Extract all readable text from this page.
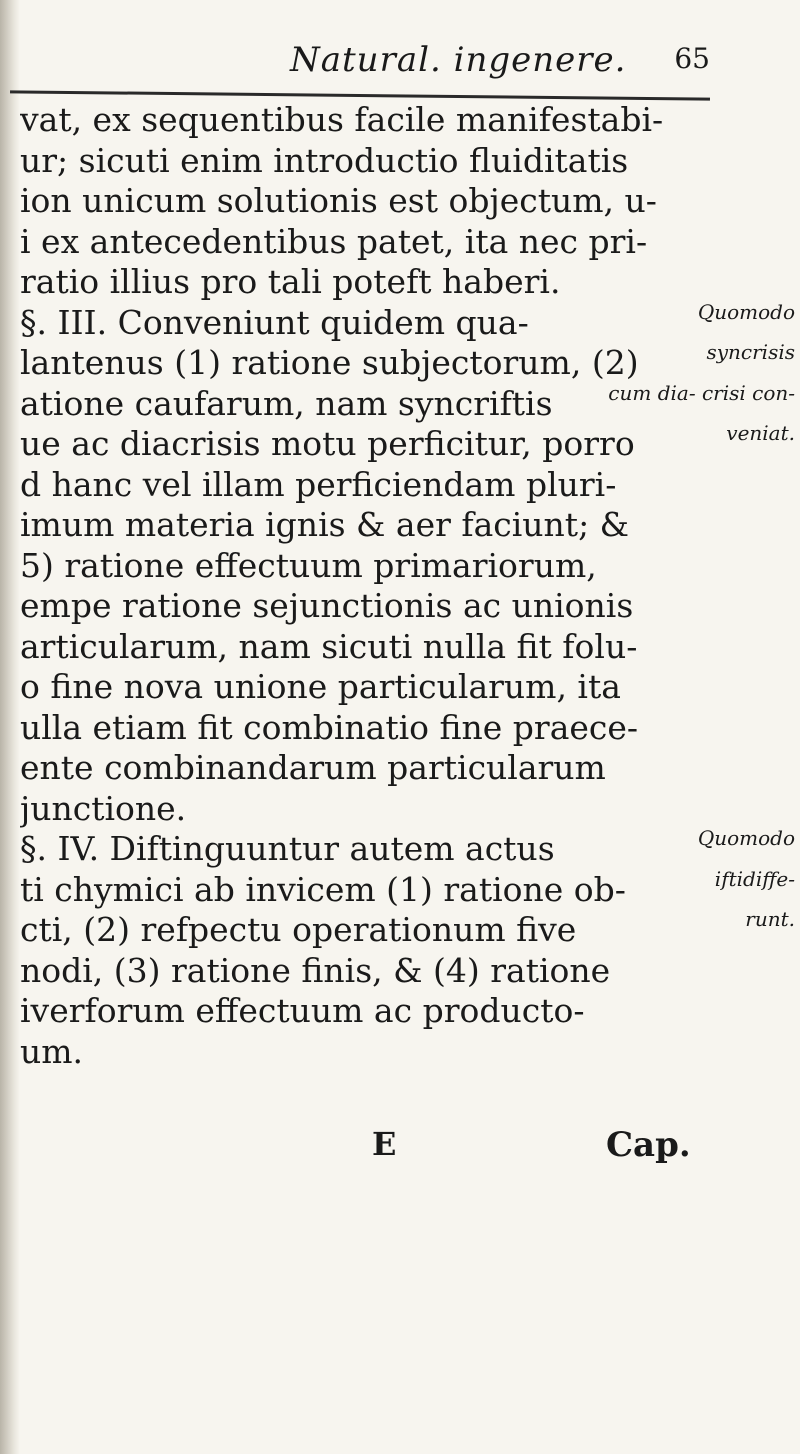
Natural. ingenere. 65
vat, ex sequentibus facile manifestabi-
ur; sicuti enim introductio fluiditatis
ion unicum solutionis est objectum, u-
i ex antecedentibus patet, ita nec pri-
ratio illius pro tali poteft haberi.
§. III. Conveniunt quidem qua-	Quomodo
lantenus (1) ratione subjectorum, (2)	syncrisis
atione caufarum, nam syncriftis	cum dia- crisi con-
ue ac diacrisis motu perficitur, porro	veniat.
d hanc vel illam perficiendam pluri-
imum materia ignis & aer faciunt; &
5) ratione effectuum primariorum,
empe ratione sejunctionis ac unionis
articularum, nam sicuti nulla fit folu-
o fine nova unione particularum, ita
ulla etiam fit combinatio fine praece-
ente combinandarum particularum
junctione.
§. IV. Diftinguuntur autem actus	Quomodo
ti chymici ab invicem (1) ratione ob-	iftidiffe-
cti, (2) refpectu operationum five	runt.
nodi, (3) ratione finis, & (4) ratione
iverforum effectuum ac producto-
um.
E	Cap.
